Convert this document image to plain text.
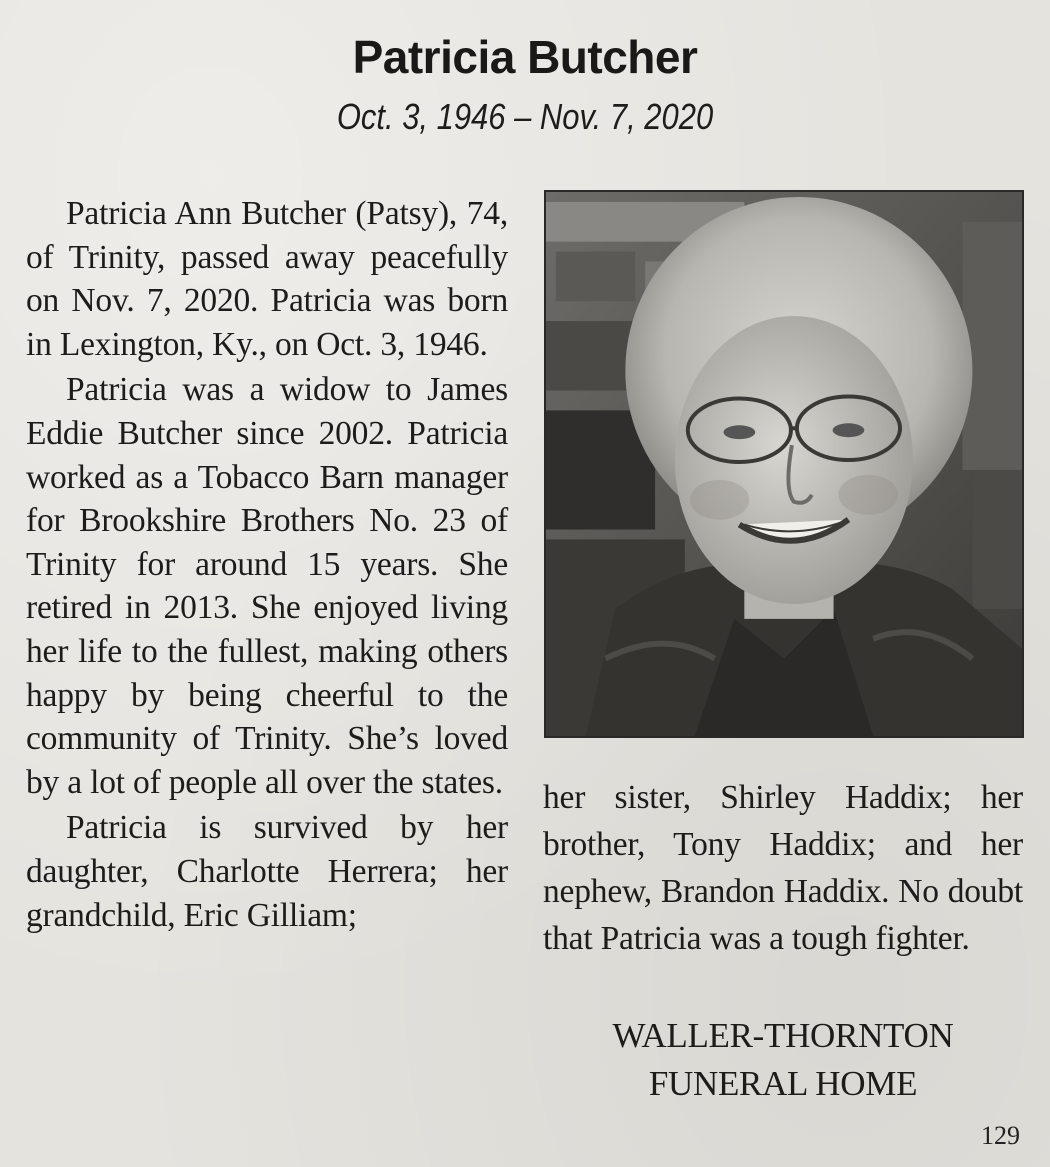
Patricia Butcher
Oct. 3, 1946 – Nov. 7, 2020

Patricia Ann Butcher (Patsy), 74, of Trinity, passed away peacefully on Nov. 7, 2020. Patricia was born in Lexington, Ky., on Oct. 3, 1946.

Patricia was a widow to James Eddie Butcher since 2002. Patricia worked as a Tobacco Barn manager for Brookshire Brothers No. 23 of Trinity for around 15 years. She retired in 2013. She enjoyed living her life to the fullest, making others happy by being cheerful to the community of Trinity. She’s loved by a lot of people all over the states.

Patricia is survived by her daughter, Charlotte Herrera; her grandchild, Eric Gilliam;

her sister, Shirley Haddix; her brother, Tony Haddix; and her nephew, Brandon Haddix. No doubt that Patricia was a tough fighter.

WALLER-THORNTON
FUNERAL HOME
129
